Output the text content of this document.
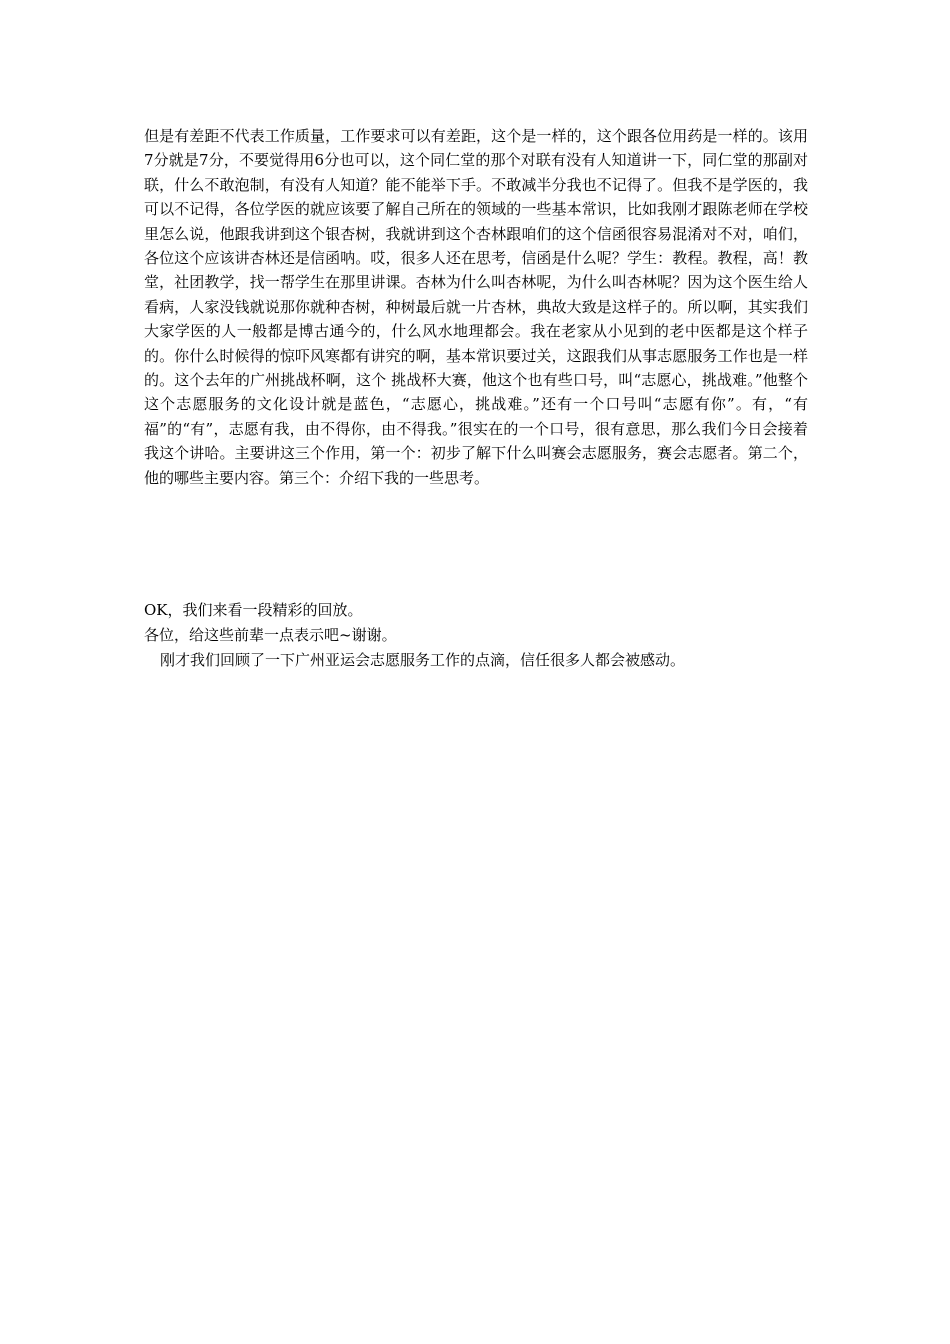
但是有差距不代表工作质量，工作要求可以有差距，这个是一样的，这个跟各位用药是一样的。该用7分就是7分，不要觉得用6分也可以，这个同仁堂的那个对联有没有人知道讲一下，同仁堂的那副对联，什么不敢泡制，有没有人知道？能不能举下手。不敢减半分我也不记得了。但我不是学医的，我可以不记得，各位学医的就应该要了解自己所在的领域的一些基本常识，比如我刚才跟陈老师在学校里怎么说，他跟我讲到这个银杏树，我就讲到这个杏林跟咱们的这个信函很容易混淆对不对，咱们，各位这个应该讲杏林还是信函呐。哎，很多人还在思考，信函是什么呢？学生：教程。教程，高！教堂，社团教学，找一帮学生在那里讲课。杏林为什么叫杏林呢，为什么叫杏林呢？因为这个医生给人看病，人家没钱就说那你就种杏树，种树最后就一片杏林，典故大致是这样子的。所以啊，其实我们大家学医的人一般都是博古通今的，什么风水地理都会。我在老家从小见到的老中医都是这个样子的。你什么时候得的惊吓风寒都有讲究的啊，基本常识要过关，这跟我们从事志愿服务工作也是一样的。这个去年的广州挑战杯啊，这个 挑战杯大赛，他这个也有些口号，叫“志愿心，挑战难。”他整个这个志愿服务的文化设计就是蓝色，“志愿心，挑战难。”还有一个口号叫“志愿有你”。有，“有福”的“有”，志愿有我，由不得你，由不得我。”很实在的一个口号，很有意思，那么我们今日会接着我这个讲哈。主要讲这三个作用，第一个：初步了解下什么叫赛会志愿服务，赛会志愿者。第二个，他的哪些主要内容。第三个：介绍下我的一些思考。

OK，我们来看一段精彩的回放。

各位，给这些前辈一点表示吧~谢谢。

刚才我们回顾了一下广州亚运会志愿服务工作的点滴，信任很多人都会被感动。
